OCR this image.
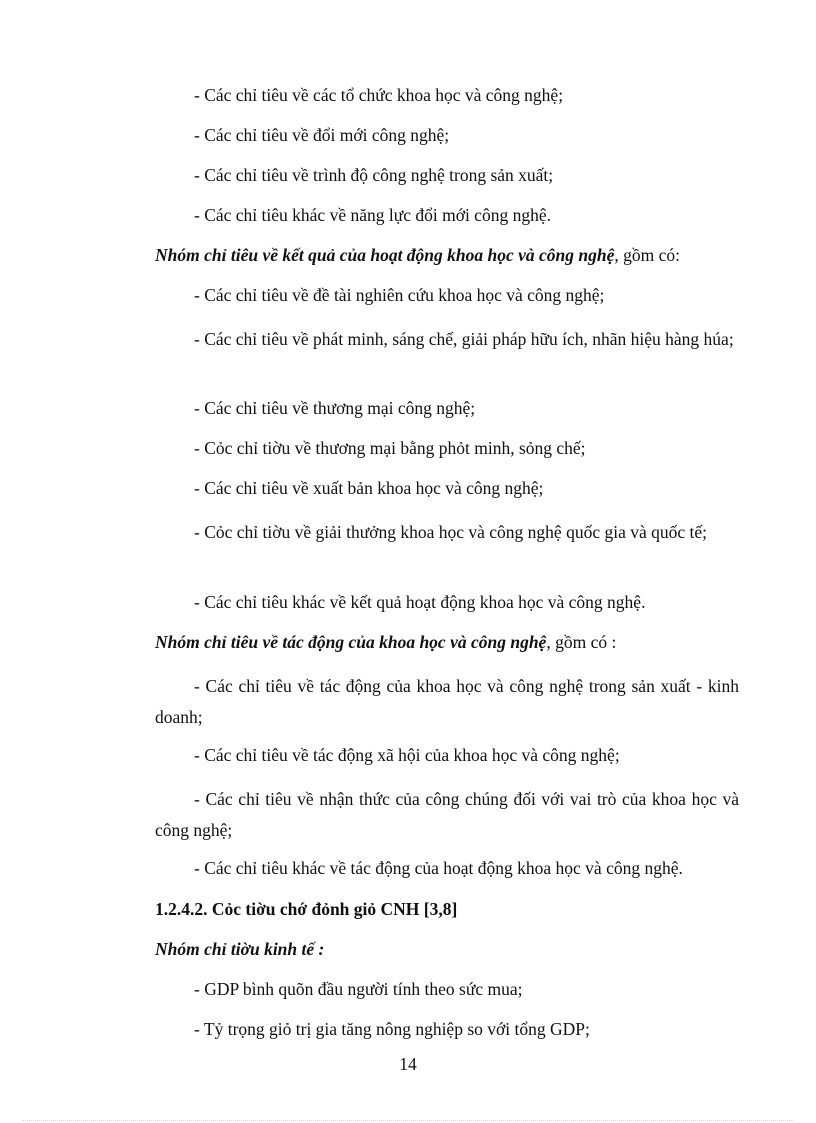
- Các chỉ tiêu về các tổ chức khoa học và công nghệ;
- Các chỉ tiêu về đổi mới công nghệ;
- Các chỉ tiêu về trình độ công nghệ trong sản xuất;
- Các chỉ tiêu khác về năng lực đổi mới công nghệ.
Nhóm chỉ tiêu về kết quả của hoạt động khoa học và công nghệ, gồm có:
- Các chỉ tiêu về đề tài nghiên cứu khoa học và công nghệ;
- Các chỉ tiêu về phát minh, sáng chế, giải pháp hữu ích, nhãn hiệu hàng húa;
- Các chỉ tiêu về thương mại công nghệ;
- Cỏc chỉ tiờu về thương mại bằng phỏt minh, sỏng chế;
- Các chỉ tiêu về xuất bản khoa học và công nghệ;
- Cỏc chỉ tiờu về giải thưởng khoa học và công nghệ quốc gia và quốc tế;
- Các chỉ tiêu khác về kết quả hoạt động khoa học và công nghệ.
Nhóm chỉ tiêu về tác động của khoa học và công nghệ, gồm có :
- Các chỉ tiêu về tác động của khoa học và công nghệ trong sản xuất - kinh doanh;
- Các chỉ tiêu về tác động xã hội của khoa học và công nghệ;
- Các chỉ tiêu về nhận thức của công chúng đối với vai trò của khoa học và công nghệ;
- Các chỉ tiêu khác về tác động của hoạt động khoa học và công nghệ.
1.2.4.2. Cỏc tiờu chớ đỏnh giỏ CNH [3,8]
Nhóm chỉ tiờu kinh tế :
- GDP bình quõn đầu người tính theo sức mua;
- Tỷ trọng giỏ trị gia tăng nông nghiệp so với tổng GDP;
14
